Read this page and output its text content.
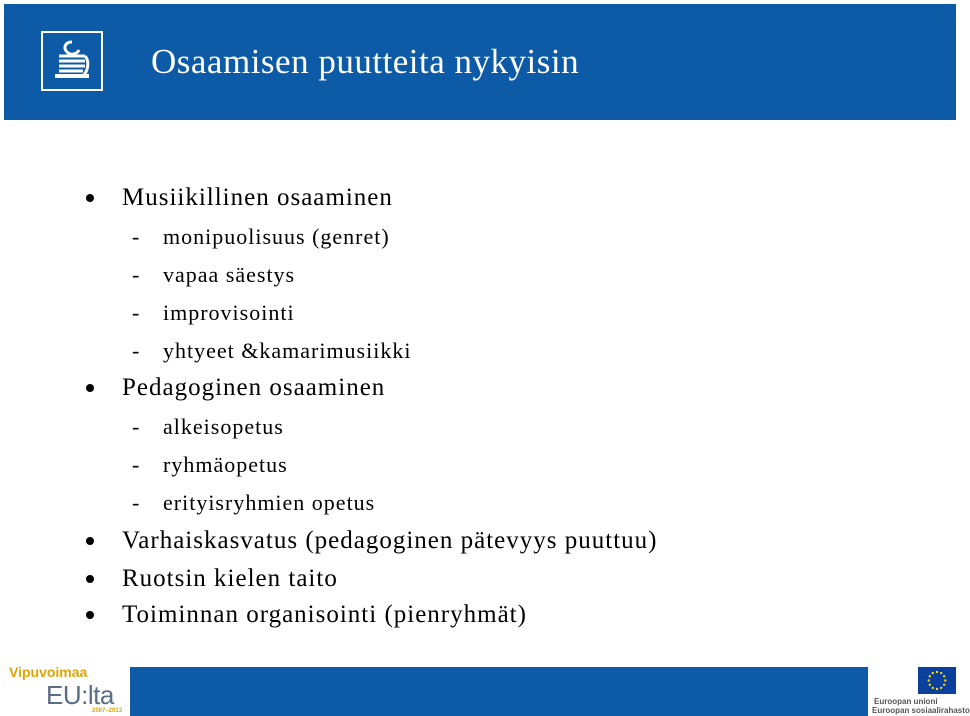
Osaamisen puutteita nykyisin
Musiikillinen osaaminen
- monipuolisuus (genret)
- vapaa säestys
- improvisointi
- yhtyeet &kamarimusiikki
Pedagoginen osaaminen
- alkeisopetus
- ryhmäopetus
- erityisryhmien opetus
Varhaiskasvatus (pedagoginen pätevyys puuttuu)
Ruotsin kielen taito
Toiminnan organisointi (pienryhmät)
Vipuvoimaa
EU:lta
2007–2013
Euroopan unioni
Euroopan sosiaalirahasto
